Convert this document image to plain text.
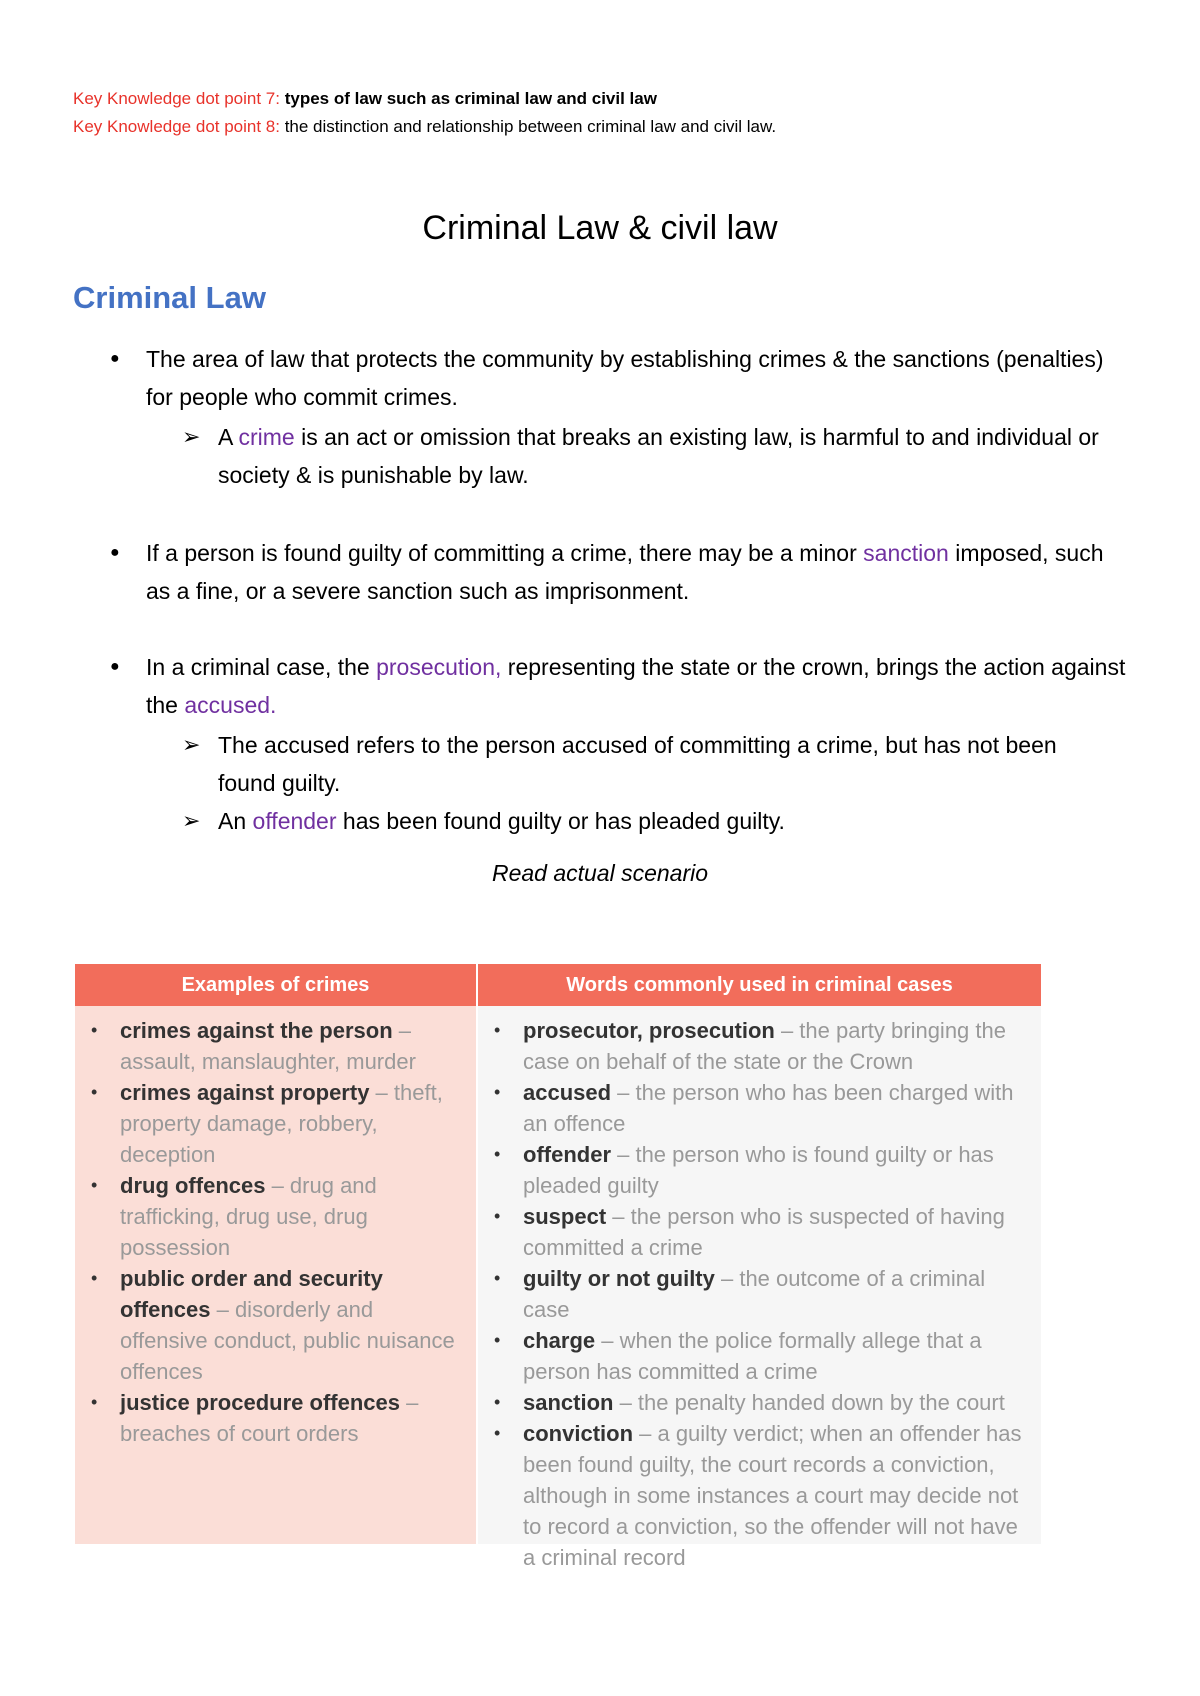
Key Knowledge dot point 7: types of law such as criminal law and civil law
Key Knowledge dot point 8: the distinction and relationship between criminal law and civil law.
Criminal Law & civil law
Criminal Law
● The area of law that protects the community by establishing crimes & the sanctions (penalties) for people who commit crimes.
➢ A crime is an act or omission that breaks an existing law, is harmful to and individual or society & is punishable by law.
● If a person is found guilty of committing a crime, there may be a minor sanction imposed, such as a fine, or a severe sanction such as imprisonment.
● In a criminal case, the prosecution, representing the state or the crown, brings the action against the accused.
➢ The accused refers to the person accused of committing a crime, but has not been found guilty.
➢ An offender has been found guilty or has pleaded guilty.
Read actual scenario
Examples of crimes	Words commonly used in criminal cases
• crimes against the person – assault, manslaughter, murder
• crimes against property – theft, property damage, robbery, deception
• drug offences – drug and trafficking, drug use, drug possession
• public order and security offences – disorderly and offensive conduct, public nuisance offences
• justice procedure offences – breaches of court orders
• prosecutor, prosecution – the party bringing the case on behalf of the state or the Crown
• accused – the person who has been charged with an offence
• offender – the person who is found guilty or has pleaded guilty
• suspect – the person who is suspected of having committed a crime
• guilty or not guilty – the outcome of a criminal case
• charge – when the police formally allege that a person has committed a crime
• sanction – the penalty handed down by the court
• conviction – a guilty verdict; when an offender has been found guilty, the court records a conviction, although in some instances a court may decide not to record a conviction, so the offender will not have a criminal record
